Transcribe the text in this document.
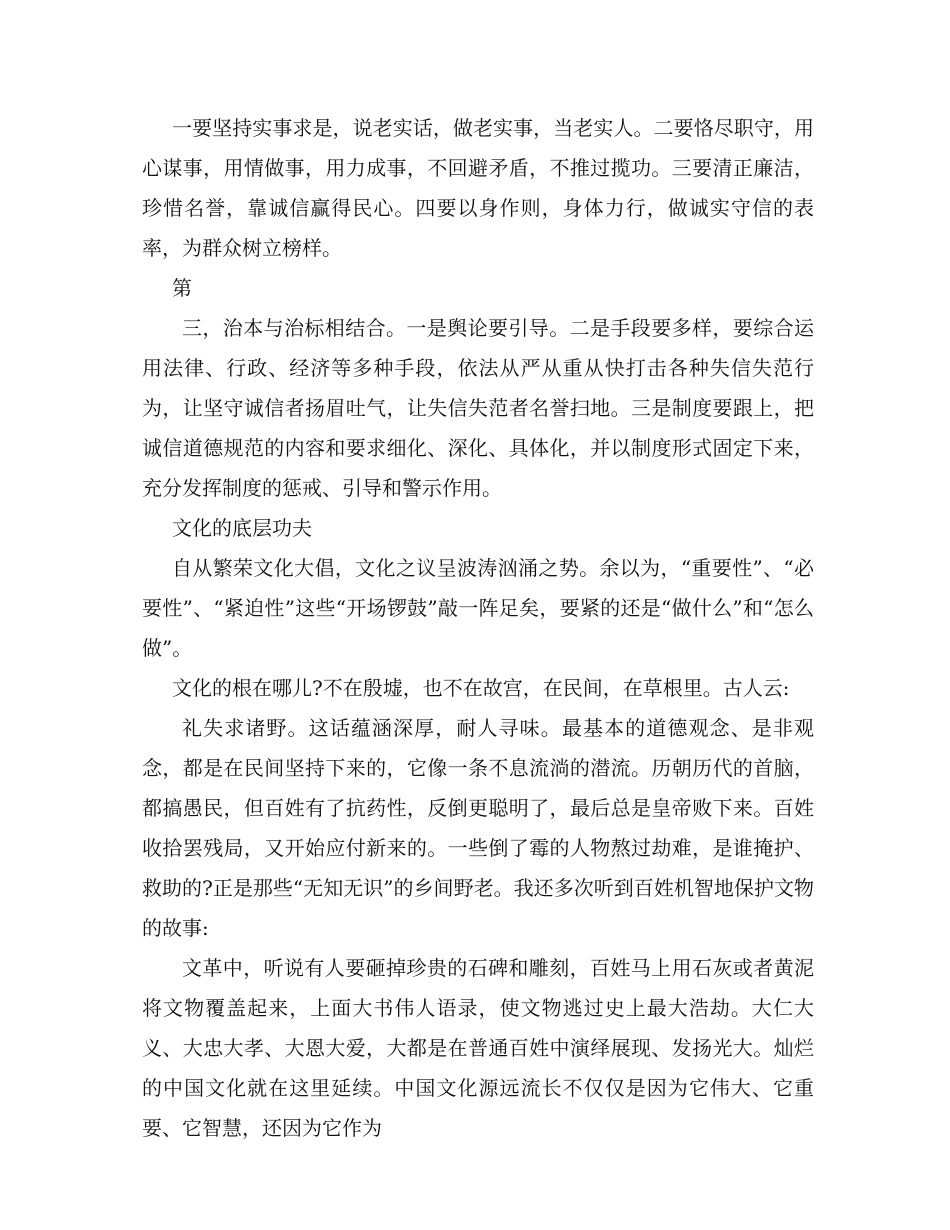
一要坚持实事求是，说老实话，做老实事，当老实人。二要恪尽职守，用心谋事，用情做事，用力成事，不回避矛盾，不推过揽功。三要清正廉洁，珍惜名誉，靠诚信赢得民心。四要以身作则，身体力行，做诚实守信的表率，为群众树立榜样。

第

三，治本与治标相结合。一是舆论要引导。二是手段要多样，要综合运用法律、行政、经济等多种手段，依法从严从重从快打击各种失信失范行为，让坚守诚信者扬眉吐气，让失信失范者名誉扫地。三是制度要跟上，把诚信道德规范的内容和要求细化、深化、具体化，并以制度形式固定下来，充分发挥制度的惩戒、引导和警示作用。

文化的底层功夫

自从繁荣文化大倡，文化之议呈波涛汹涌之势。余以为，“重要性”、“必要性”、“紧迫性”这些“开场锣鼓”敲一阵足矣，要紧的还是“做什么”和“怎么做”。

文化的根在哪儿?不在殷墟，也不在故宫，在民间，在草根里。古人云:

礼失求诸野。这话蕴涵深厚，耐人寻味。最基本的道德观念、是非观念，都是在民间坚持下来的，它像一条不息流淌的潜流。历朝历代的首脑，都搞愚民，但百姓有了抗药性，反倒更聪明了，最后总是皇帝败下来。百姓收拾罢残局，又开始应付新来的。一些倒了霉的人物熬过劫难，是谁掩护、救助的?正是那些“无知无识”的乡间野老。我还多次听到百姓机智地保护文物的故事:

文革中，听说有人要砸掉珍贵的石碑和雕刻，百姓马上用石灰或者黄泥将文物覆盖起来，上面大书伟人语录，使文物逃过史上最大浩劫。大仁大义、大忠大孝、大恩大爱，大都是在普通百姓中演绎展现、发扬光大。灿烂的中国文化就在这里延续。中国文化源远流长不仅仅是因为它伟大、它重要、它智慧，还因为它作为
